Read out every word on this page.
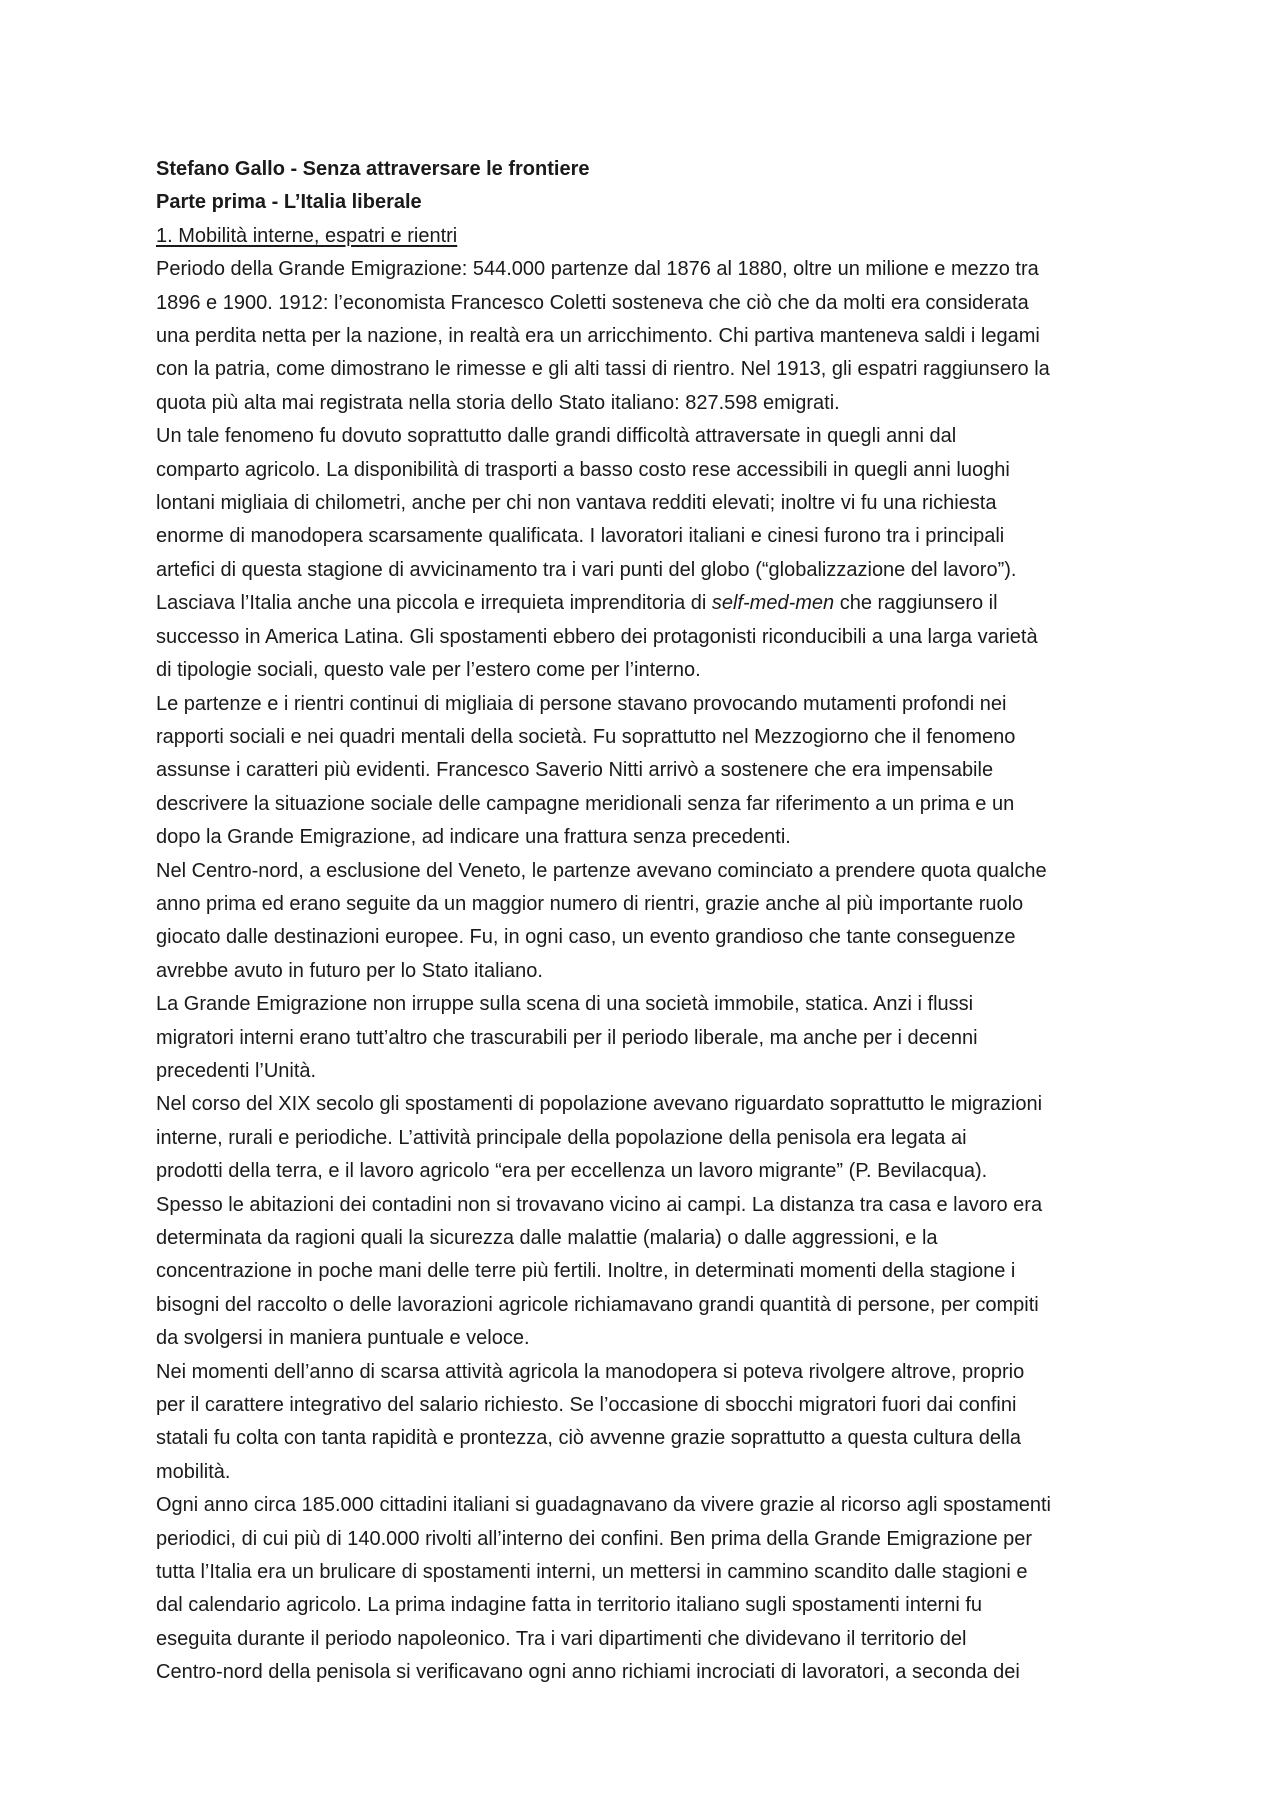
Stefano Gallo - Senza attraversare le frontiere
Parte prima - L’Italia liberale
1. Mobilità interne, espatri e rientri
Periodo della Grande Emigrazione: 544.000 partenze dal 1876 al 1880, oltre un milione e mezzo tra
1896 e 1900. 1912: l’economista Francesco Coletti sosteneva che ciò che da molti era considerata
una perdita netta per la nazione, in realtà era un arricchimento. Chi partiva manteneva saldi i legami
con la patria, come dimostrano le rimesse e gli alti tassi di rientro. Nel 1913, gli espatri raggiunsero la
quota più alta mai registrata nella storia dello Stato italiano: 827.598 emigrati.
Un tale fenomeno fu dovuto soprattutto dalle grandi difficoltà attraversate in quegli anni dal
comparto agricolo. La disponibilità di trasporti a basso costo rese accessibili in quegli anni luoghi
lontani migliaia di chilometri, anche per chi non vantava redditi elevati; inoltre vi fu una richiesta
enorme di manodopera scarsamente qualificata. I lavoratori italiani e cinesi furono tra i principali
artefici di questa stagione di avvicinamento tra i vari punti del globo (“globalizzazione del lavoro”).
Lasciava l’Italia anche una piccola e irrequieta imprenditoria di self-med-men che raggiunsero il
successo in America Latina. Gli spostamenti ebbero dei protagonisti riconducibili a una larga varietà
di tipologie sociali, questo vale per l’estero come per l’interno.
Le partenze e i rientri continui di migliaia di persone stavano provocando mutamenti profondi nei
rapporti sociali e nei quadri mentali della società. Fu soprattutto nel Mezzogiorno che il fenomeno
assunse i caratteri più evidenti. Francesco Saverio Nitti arrivò a sostenere che era impensabile
descrivere la situazione sociale delle campagne meridionali senza far riferimento a un prima e un
dopo la Grande Emigrazione, ad indicare una frattura senza precedenti.
Nel Centro-nord, a esclusione del Veneto, le partenze avevano cominciato a prendere quota qualche
anno prima ed erano seguite da un maggior numero di rientri, grazie anche al più importante ruolo
giocato dalle destinazioni europee. Fu, in ogni caso, un evento grandioso che tante conseguenze
avrebbe avuto in futuro per lo Stato italiano.
La Grande Emigrazione non irruppe sulla scena di una società immobile, statica. Anzi i flussi
migratori interni erano tutt’altro che trascurabili per il periodo liberale, ma anche per i decenni
precedenti l’Unità.
Nel corso del XIX secolo gli spostamenti di popolazione avevano riguardato soprattutto le migrazioni
interne, rurali e periodiche. L’attività principale della popolazione della penisola era legata ai
prodotti della terra, e il lavoro agricolo “era per eccellenza un lavoro migrante” (P. Bevilacqua).
Spesso le abitazioni dei contadini non si trovavano vicino ai campi. La distanza tra casa e lavoro era
determinata da ragioni quali la sicurezza dalle malattie (malaria) o dalle aggressioni, e la
concentrazione in poche mani delle terre più fertili. Inoltre, in determinati momenti della stagione i
bisogni del raccolto o delle lavorazioni agricole richiamavano grandi quantità di persone, per compiti
da svolgersi in maniera puntuale e veloce.
Nei momenti dell’anno di scarsa attività agricola la manodopera si poteva rivolgere altrove, proprio
per il carattere integrativo del salario richiesto. Se l’occasione di sbocchi migratori fuori dai confini
statali fu colta con tanta rapidità e prontezza, ciò avvenne grazie soprattutto a questa cultura della
mobilità.
Ogni anno circa 185.000 cittadini italiani si guadagnavano da vivere grazie al ricorso agli spostamenti
periodici, di cui più di 140.000 rivolti all’interno dei confini. Ben prima della Grande Emigrazione per
tutta l’Italia era un brulicare di spostamenti interni, un mettersi in cammino scandito dalle stagioni e
dal calendario agricolo. La prima indagine fatta in territorio italiano sugli spostamenti interni fu
eseguita durante il periodo napoleonico. Tra i vari dipartimenti che dividevano il territorio del
Centro-nord della penisola si verificavano ogni anno richiami incrociati di lavoratori, a seconda dei
